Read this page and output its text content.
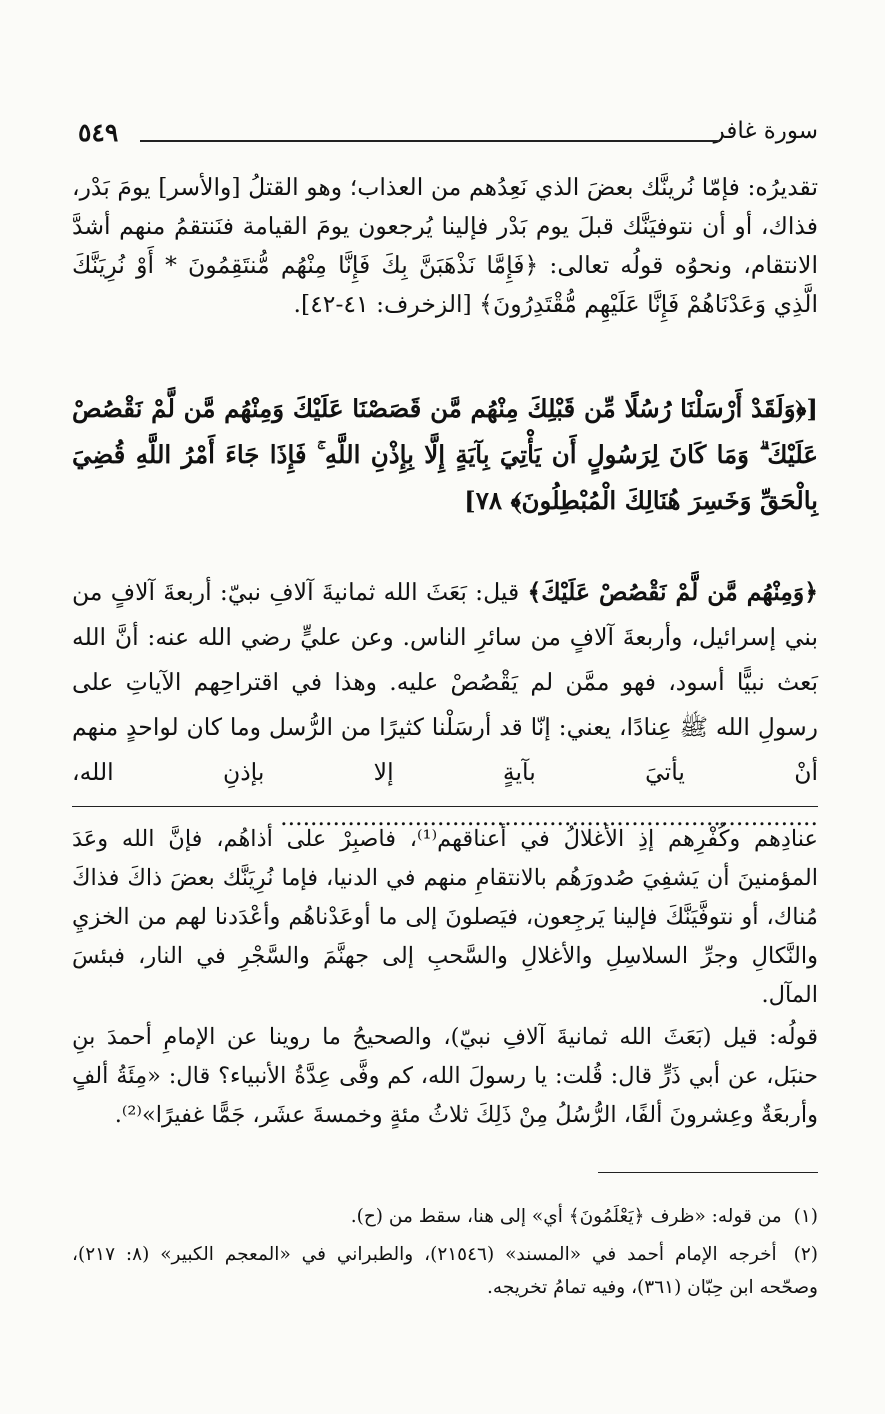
سورة غافر
٥٤٩
تقديرُه: فإمّا نُرينَّك بعضَ الذي نَعِدُهم من العذاب؛ وهو القتلُ [والأسر] يومَ بَدْر، فذاك، أو أن نتوفيَنَّك قبلَ يوم بَدْر فإلينا يُرجعون يومَ القيامة فنَنتقمُ منهم أشدَّ الانتقام، ونحوُه قولُه تعالى: ﴿فَإِمَّا نَذْهَبَنَّ بِكَ فَإِنَّا مِنْهُم مُّنتَقِمُونَ * أَوْ نُرِيَنَّكَ الَّذِي وَعَدْنَاهُمْ فَإِنَّا عَلَيْهِم مُّقْتَدِرُونَ﴾ [الزخرف: ٤١-٤٢].
[﴿وَلَقَدْ أَرْسَلْنَا رُسُلًا مِّن قَبْلِكَ مِنْهُم مَّن قَصَصْنَا عَلَيْكَ وَمِنْهُم مَّن لَّمْ نَقْصُصْ عَلَيْكَ ۗ وَمَا كَانَ لِرَسُولٍ أَن يَأْتِيَ بِآيَةٍ إِلَّا بِإِذْنِ اللَّهِ ۚ فَإِذَا جَاءَ أَمْرُ اللَّهِ قُضِيَ بِالْحَقِّ وَخَسِرَ هُنَالِكَ الْمُبْطِلُونَ﴾ ٧٨]
﴿وَمِنْهُم مَّن لَّمْ نَقْصُصْ عَلَيْكَ﴾ قيل: بَعَثَ الله ثمانيةَ آلافِ نبيّ: أربعةَ آلافٍ من بني إسرائيل، وأربعةَ آلافٍ من سائرِ الناس. وعن عليٍّ رضي الله عنه: أنَّ الله بَعث نبيًّا أسود، فهو ممَّن لم يَقْصُصْ عليه. وهذا في اقتراحِهم الآياتِ على رسولِ الله ﷺ عِنادًا، يعني: إنّا قد أرسَلْنا كثيرًا من الرُّسل وما كان لواحدٍ منهم أنْ يأتيَ بآيةٍ إلا بإذنِ الله، ........................................................................
عنادِهم وكُفْرِهم إذِ الأغلالُ في أعناقهم⁽¹⁾، فاصبِرْ على أذاهُم، فإنَّ الله وعَدَ المؤمنينَ أن يَشفِيَ صُدورَهُم بالانتقامِ منهم في الدنيا، فإما نُرِيَنَّك بعضَ ذاكَ فذاكَ مُناك، أو نتوفَّيَنَّكَ فإلينا يَرجِعون، فيَصلونَ إلى ما أوعَدْناهُم وأعْدَدنا لهم من الخزيِ والنَّكالِ وجرِّ السلاسِلِ والأغلالِ والسَّحبِ إلى جهنَّمَ والسَّجْرِ في النار، فبئسَ المآل.
قولُه: قيل (بَعَثَ الله ثمانيةَ آلافِ نبيّ)، والصحيحُ ما روينا عن الإمامِ أحمدَ بنِ حنبَل، عن أبي ذَرٍّ قال: قُلت: يا رسولَ الله، كم وفَّى عِدَّةُ الأنبياء؟ قال: «مِئَةُ ألفٍ وأربعَةٌ وعِشرونَ ألفًا، الرُّسُلُ مِنْ ذَلِكَ ثلاثُ مئةٍ وخمسةَ عشَر، جَمًّا غفيرًا»⁽²⁾.
(١) من قوله: «ظرف ﴿يَعْلَمُونَ﴾ أي» إلى هنا، سقط من (ح).
(٢) أخرجه الإمام أحمد في «المسند» (٢١٥٤٦)، والطبراني في «المعجم الكبير» (٨: ٢١٧)، وصحّحه ابن حِبّان (٣٦١)، وفيه تمامُ تخريجه.
